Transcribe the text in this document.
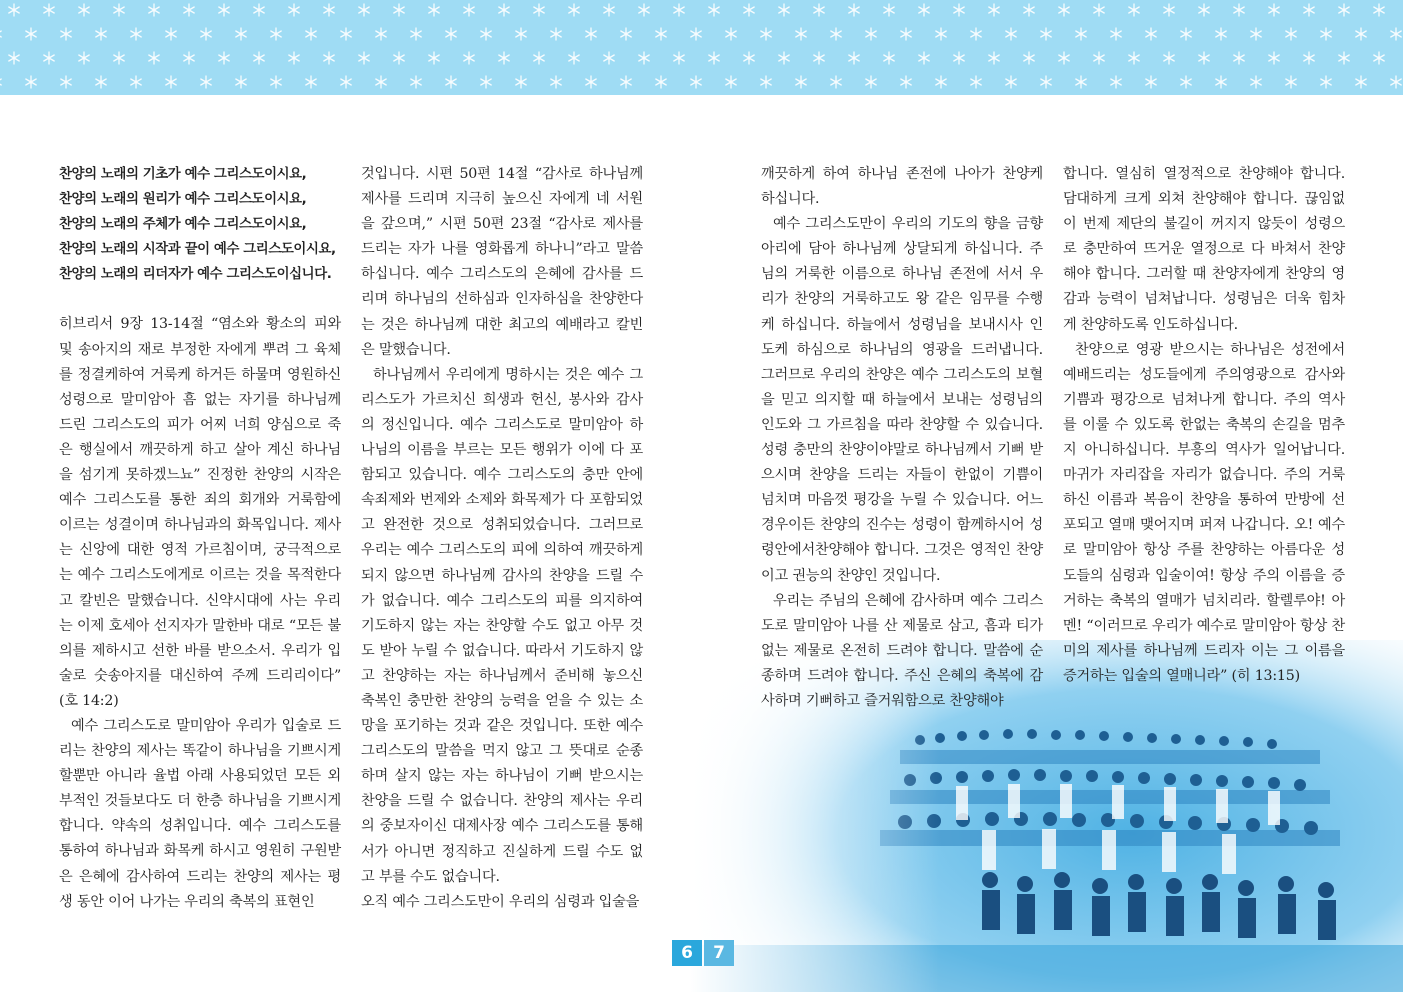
찬양의 노래의 기초가 예수 그리스도이시요,

찬양의 노래의 원리가 예수 그리스도이시요,

찬양의 노래의 주체가 예수 그리스도이시요,

찬양의 노래의 시작과 끝이 예수 그리스도이시요,

찬양의 노래의 리더자가 예수 그리스도이십니다.

히브리서 9장 13-14절 “염소와 황소의 피와 및 송아지의 재로 부정한 자에게 뿌려 그 육체를 정결케하여 거룩케 하거든 하물며 영원하신 성령으로 말미암아 흠 없는 자기를 하나님께 드린 그리스도의 피가 어찌 너희 양심으로 죽은 행실에서 깨끗하게 하고 살아 계신 하나님을 섬기게 못하겠느뇨” 진정한 찬양의 시작은 예수 그리스도를 통한 죄의 회개와 거룩함에 이르는 성결이며 하나님과의 화목입니다. 제사는 신앙에 대한 영적 가르침이며, 궁극적으로는 예수 그리스도에게로 이르는 것을 목적한다고 칼빈은 말했습니다. 신약시대에 사는 우리는 이제 호세아 선지자가 말한바 대로 “모든 불의를 제하시고 선한 바를 받으소서. 우리가 입술로 숫송아지를 대신하여 주께 드리리이다” (호 14:2)

예수 그리스도로 말미암아 우리가 입술로 드리는 찬양의 제사는 똑같이 하나님을 기쁘시게 할뿐만 아니라 율법 아래 사용되었던 모든 외부적인 것들보다도 더 한층 하나님을 기쁘시게 합니다. 약속의 성취입니다. 예수 그리스도를 통하여 하나님과 화목케 하시고 영원히 구원받은 은혜에 감사하여 드리는 찬양의 제사는 평생 동안 이어 나가는 우리의 축복의 표현인

것입니다. 시편 50편 14절 “감사로 하나님께 제사를 드리며 지극히 높으신 자에게 네 서원을 갚으며,” 시편 50편 23절 “감사로 제사를 드리는 자가 나를 영화롭게 하나니”라고 말씀하십니다. 예수 그리스도의 은혜에 감사를 드리며 하나님의 선하심과 인자하심을 찬양한다는 것은 하나님께 대한 최고의 예배라고 칼빈은 말했습니다.

하나님께서 우리에게 명하시는 것은 예수 그리스도가 가르치신 희생과 헌신, 봉사와 감사의 정신입니다. 예수 그리스도로 말미암아 하나님의 이름을 부르는 모든 행위가 이에 다 포함되고 있습니다. 예수 그리스도의 충만 안에 속죄제와 번제와 소제와 화목제가 다 포함되었고 완전한 것으로 성취되었습니다. 그러므로 우리는 예수 그리스도의 피에 의하여 깨끗하게 되지 않으면 하나님께 감사의 찬양을 드릴 수가 없습니다. 예수 그리스도의 피를 의지하여 기도하지 않는 자는 찬양할 수도 없고 아무 것도 받아 누릴 수 없습니다. 따라서 기도하지 않고 찬양하는 자는 하나님께서 준비해 놓으신 축복인 충만한 찬양의 능력을 얻을 수 있는 소망을 포기하는 것과 같은 것입니다. 또한 예수 그리스도의 말씀을 먹지 않고 그 뜻대로 순종하며 살지 않는 자는 하나님이 기뻐 받으시는 찬양을 드릴 수 없습니다. 찬양의 제사는 우리의 중보자이신 대제사장 예수 그리스도를 통해서가 아니면 정직하고 진실하게 드릴 수도 없고 부를 수도 없습니다.

오직 예수 그리스도만이 우리의 심령과 입술을

깨끗하게 하여 하나님 존전에 나아가 찬양케 하십니다.

예수 그리스도만이 우리의 기도의 향을 금향아리에 담아 하나님께 상달되게 하십니다. 주님의 거룩한 이름으로 하나님 존전에 서서 우리가 찬양의 거룩하고도 왕 같은 임무를 수행케 하십니다. 하늘에서 성령님을 보내시사 인도케 하심으로 하나님의 영광을 드러냅니다. 그러므로 우리의 찬양은 예수 그리스도의 보혈을 믿고 의지할 때 하늘에서 보내는 성령님의 인도와 그 가르침을 따라 찬양할 수 있습니다. 성령 충만의 찬양이야말로 하나님께서 기뻐 받으시며 찬양을 드리는 자들이 한없이 기쁨이 넘치며 마음껏 평강을 누릴 수 있습니다. 어느 경우이든 찬양의 진수는 성령이 함께하시어 성령안에서찬양해야 합니다. 그것은 영적인 찬양이고 권능의 찬양인 것입니다.

우리는 주님의 은혜에 감사하며 예수 그리스도로 말미암아 나를 산 제물로 삼고, 흠과 티가 없는 제물로 온전히 드려야 합니다. 말씀에 순종하며 드려야 합니다. 주신 은혜의 축복에 감사하며 기뻐하고 즐거워함으로 찬양해야

합니다. 열심히 열정적으로 찬양해야 합니다. 담대하게 크게 외쳐 찬양해야 합니다. 끊임없이 번제 제단의 불길이 꺼지지 않듯이 성령으로 충만하여 뜨거운 열정으로 다 바쳐서 찬양해야 합니다. 그러할 때 찬양자에게 찬양의 영감과 능력이 넘쳐납니다. 성령님은 더욱 힘차게 찬양하도록 인도하십니다.

찬양으로 영광 받으시는 하나님은 성전에서 예배드리는 성도들에게 주의영광으로 감사와 기쁨과 평강으로 넘쳐나게 합니다. 주의 역사를 이룰 수 있도록 한없는 축복의 손길을 멈추지 아니하십니다. 부흥의 역사가 일어납니다. 마귀가 자리잡을 자리가 없습니다. 주의 거룩하신 이름과 복음이 찬양을 통하여 만방에 선포되고 열매 맺어지며 퍼져 나갑니다. 오! 예수로 말미암아 항상 주를 찬양하는 아름다운 성도들의 심령과 입술이여! 항상 주의 이름을 증거하는 축복의 열매가 넘치리라. 할렐루야! 아멘! “이러므로 우리가 예수로 말미암아 항상 찬미의 제사를 하나님께 드리자 이는 그 이름을 증거하는 입술의 열매니라” (히 13:15)

6	7
